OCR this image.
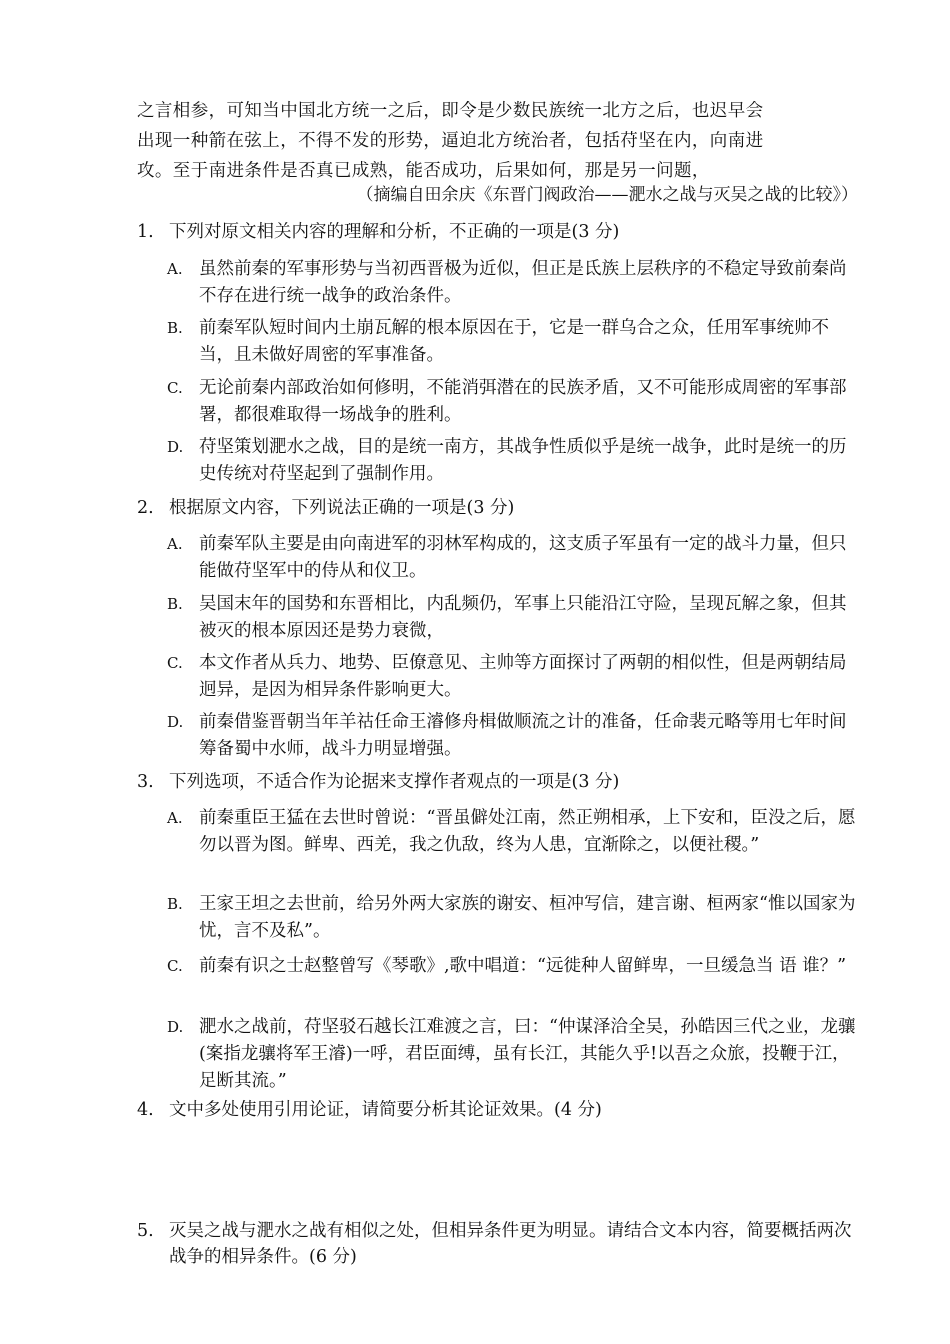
之言相参，可知当中国北方统一之后，即令是少数民族统一北方之后，也迟早会

出现一种箭在弦上，不得不发的形势，逼迫北方统治者，包括苻坚在内，向南进

攻。至于南进条件是否真已成熟，能否成功，后果如何，那是另一问题，

（摘编自田余庆《东晋门阀政治——淝水之战与灭吴之战的比较》）
1. 下列对原文相关内容的理解和分析，不正确的一项是(3 分)
A. 虽然前秦的军事形势与当初西晋极为近似，但正是氐族上层秩序的不稳定导致前秦尚不存在进行统一战争的政治条件。
B. 前秦军队短时间内土崩瓦解的根本原因在于，它是一群乌合之众，任用军事统帅不当，且未做好周密的军事准备。
C. 无论前秦内部政治如何修明，不能消弭潜在的民族矛盾，又不可能形成周密的军事部署，都很难取得一场战争的胜利。
D. 苻坚策划淝水之战，目的是统一南方，其战争性质似乎是统一战争，此时是统一的历史传统对苻坚起到了强制作用。
2. 根据原文内容，下列说法正确的一项是(3 分)
A. 前秦军队主要是由向南进军的羽林军构成的，这支质子军虽有一定的战斗力量，但只能做苻坚军中的侍从和仪卫。
B. 吴国末年的国势和东晋相比，内乱频仍，军事上只能沿江守险，呈现瓦解之象，但其被灭的根本原因还是势力衰微，
C. 本文作者从兵力、地势、臣僚意见、主帅等方面探讨了两朝的相似性，但是两朝结局迥异，是因为相异条件影响更大。
D. 前秦借鉴晋朝当年羊祜任命王濬修舟楫做顺流之计的准备，任命裴元略等用七年时间筹备蜀中水师，战斗力明显增强。
3. 下列选项，不适合作为论据来支撑作者观点的一项是(3 分)
A. 前秦重臣王猛在去世时曾说：“晋虽僻处江南，然正朔相承，上下安和，臣没之后，愿勿以晋为图。鲜卑、西羌，我之仇敌，终为人患，宜渐除之，以便社稷。”
B. 王家王坦之去世前，给另外两大家族的谢安、桓冲写信，建言谢、桓两家“惟以国家为忧，言不及私”。
C. 前秦有识之士赵整曾写《琴歌》,歌中唱道：“远徙种人留鲜卑，一旦缓急当 语 谁？”
D. 淝水之战前，苻坚驳石越长江难渡之言，曰：“仲谋泽洽全吴，孙皓因三代之业，龙骧(案指龙骧将军王濬)一呼，君臣面缚，虽有长江，其能久乎!以吾之众旅，投鞭于江，足断其流。”
4. 文中多处使用引用论证，请简要分析其论证效果。(4 分)
5. 灭吴之战与淝水之战有相似之处，但相异条件更为明显。请结合文本内容，简要概括两次战争的相异条件。(6 分)
